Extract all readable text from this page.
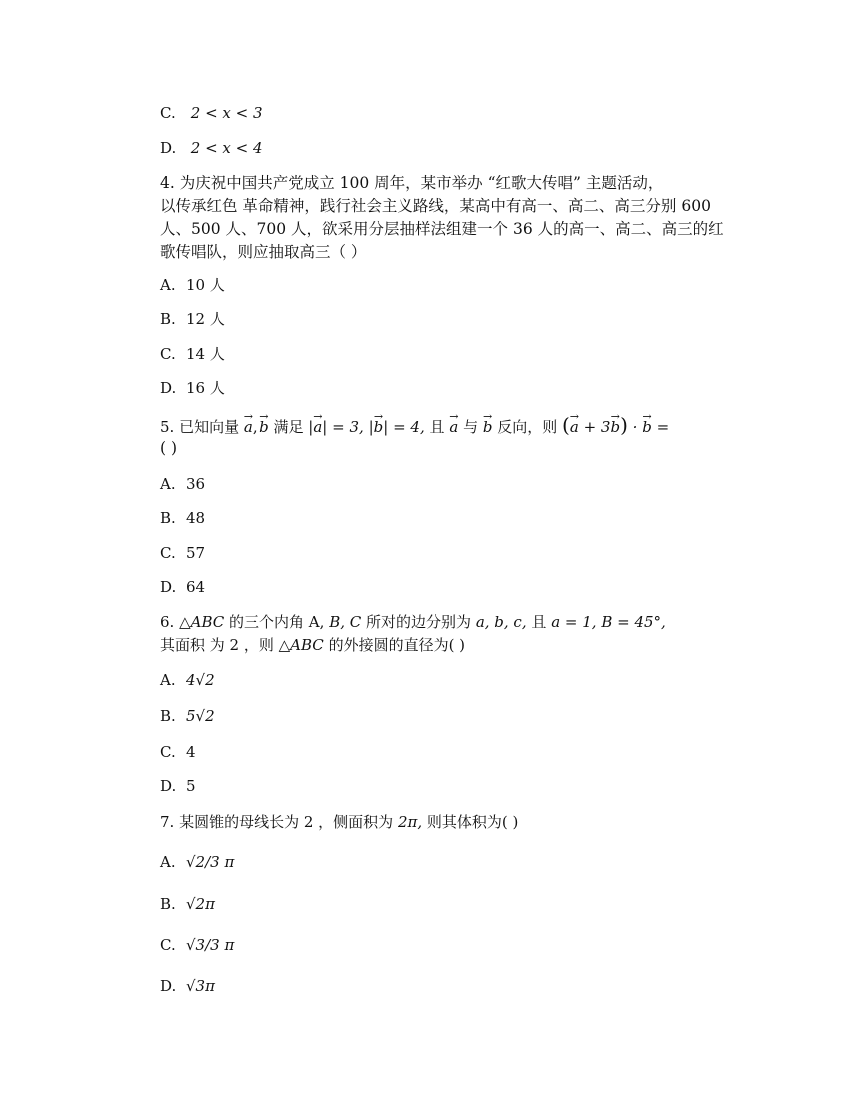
C. 2 < x < 3
D. 2 < x < 4
4. 为庆祝中国共产党成立 100 周年，某市举办 “红歌大传唱” 主题活动，
以传承红色 革命精神，践行社会主义路线，某高中有高一、高二、高三分别 600
人、500 人、700 人，欲采用分层抽样法组建一个 36 人的高一、高二、高三的红
歌传唱队，则应抽取高三（ ）
A. 10 人
B. 12 人
C. 14 人
D. 16 人
5. 已知向量 a →, b → 满足 |a →| = 3, |b →| = 4, 且 a → 与 b → 反向，则 (a → + 3b →) · b → =
( )
A. 36
B. 48
C. 57
D. 64
6. △ABC 的三个内角 A, B, C 所对的边分别为 a, b, c, 且 a = 1, B = 45°,
其面积 为 2 ，则 △ABC 的外接圆的直径为( )
A. 4√2
B. 5√2
C. 4
D. 5
7. 某圆锥的母线长为 2 ，侧面积为 2π, 则其体积为( )
A. √2/3 π
B. √2π
C. √3/3 π
D. √3π
